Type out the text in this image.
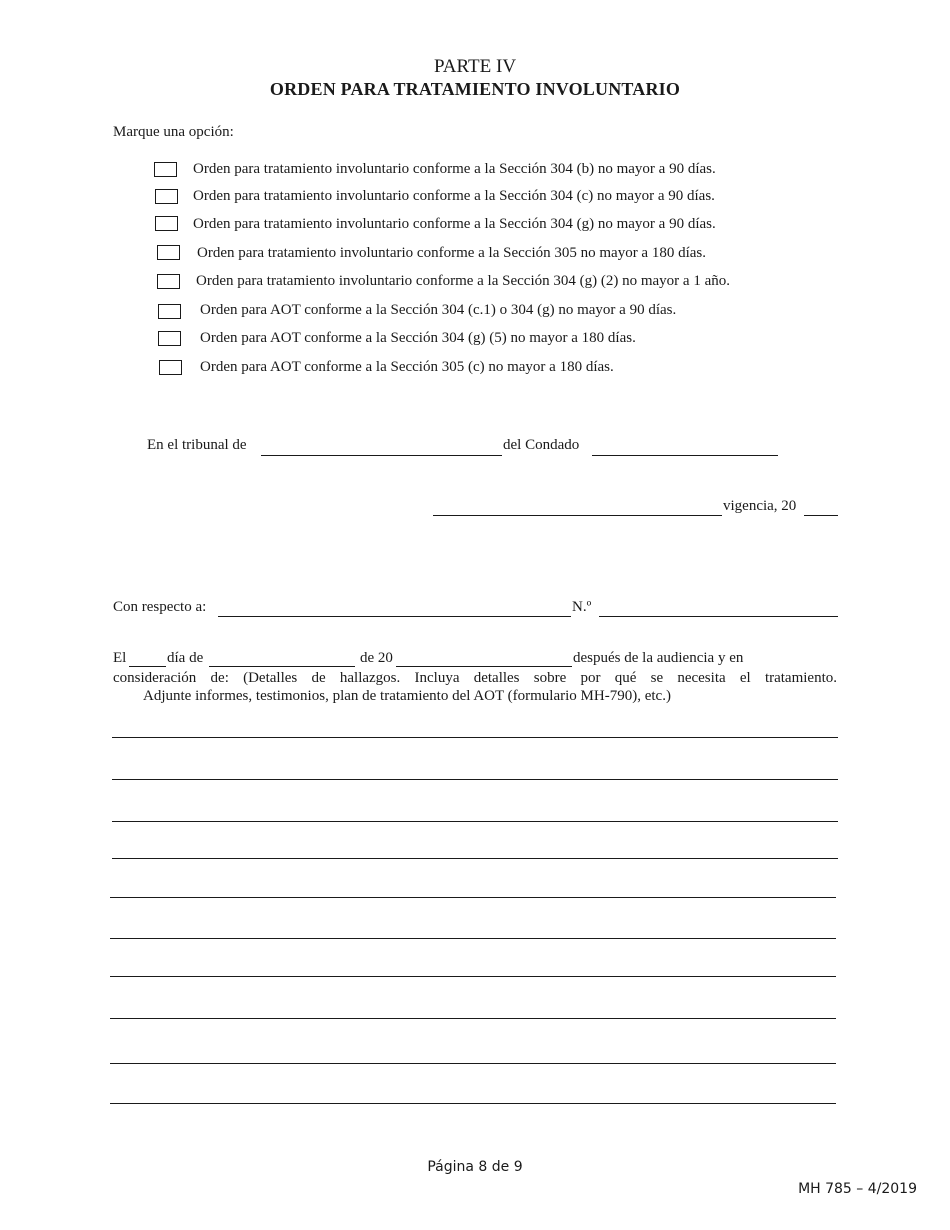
PARTE IV
ORDEN PARA TRATAMIENTO INVOLUNTARIO
Marque una opción:
Orden para tratamiento involuntario conforme a la Sección 304 (b) no mayor a 90 días.
Orden para tratamiento involuntario conforme a la Sección 304 (c) no mayor a 90 días.
Orden para tratamiento involuntario conforme a la Sección 304 (g) no mayor a 90 días.
Orden para tratamiento involuntario conforme a la Sección 305 no mayor a 180 días.
Orden para tratamiento involuntario conforme a la Sección 304 (g) (2) no mayor a 1 año.
Orden para AOT conforme a la Sección 304 (c.1) o 304 (g) no mayor a 90 días.
Orden para AOT conforme a la Sección 304 (g) (5) no mayor a 180 días.
Orden para AOT conforme a la Sección 305 (c) no mayor a 180 días.
En el tribunal de	del Condado
vigencia, 20
Con respecto a:	N.º
El	día de	de 20	después de la audiencia y en
consideración de: (Detalles de hallazgos. Incluya detalles sobre por qué se necesita el tratamiento.
Adjunte informes, testimonios, plan de tratamiento del AOT (formulario MH-790), etc.)
Página 8 de 9
MH 785 – 4/2019
